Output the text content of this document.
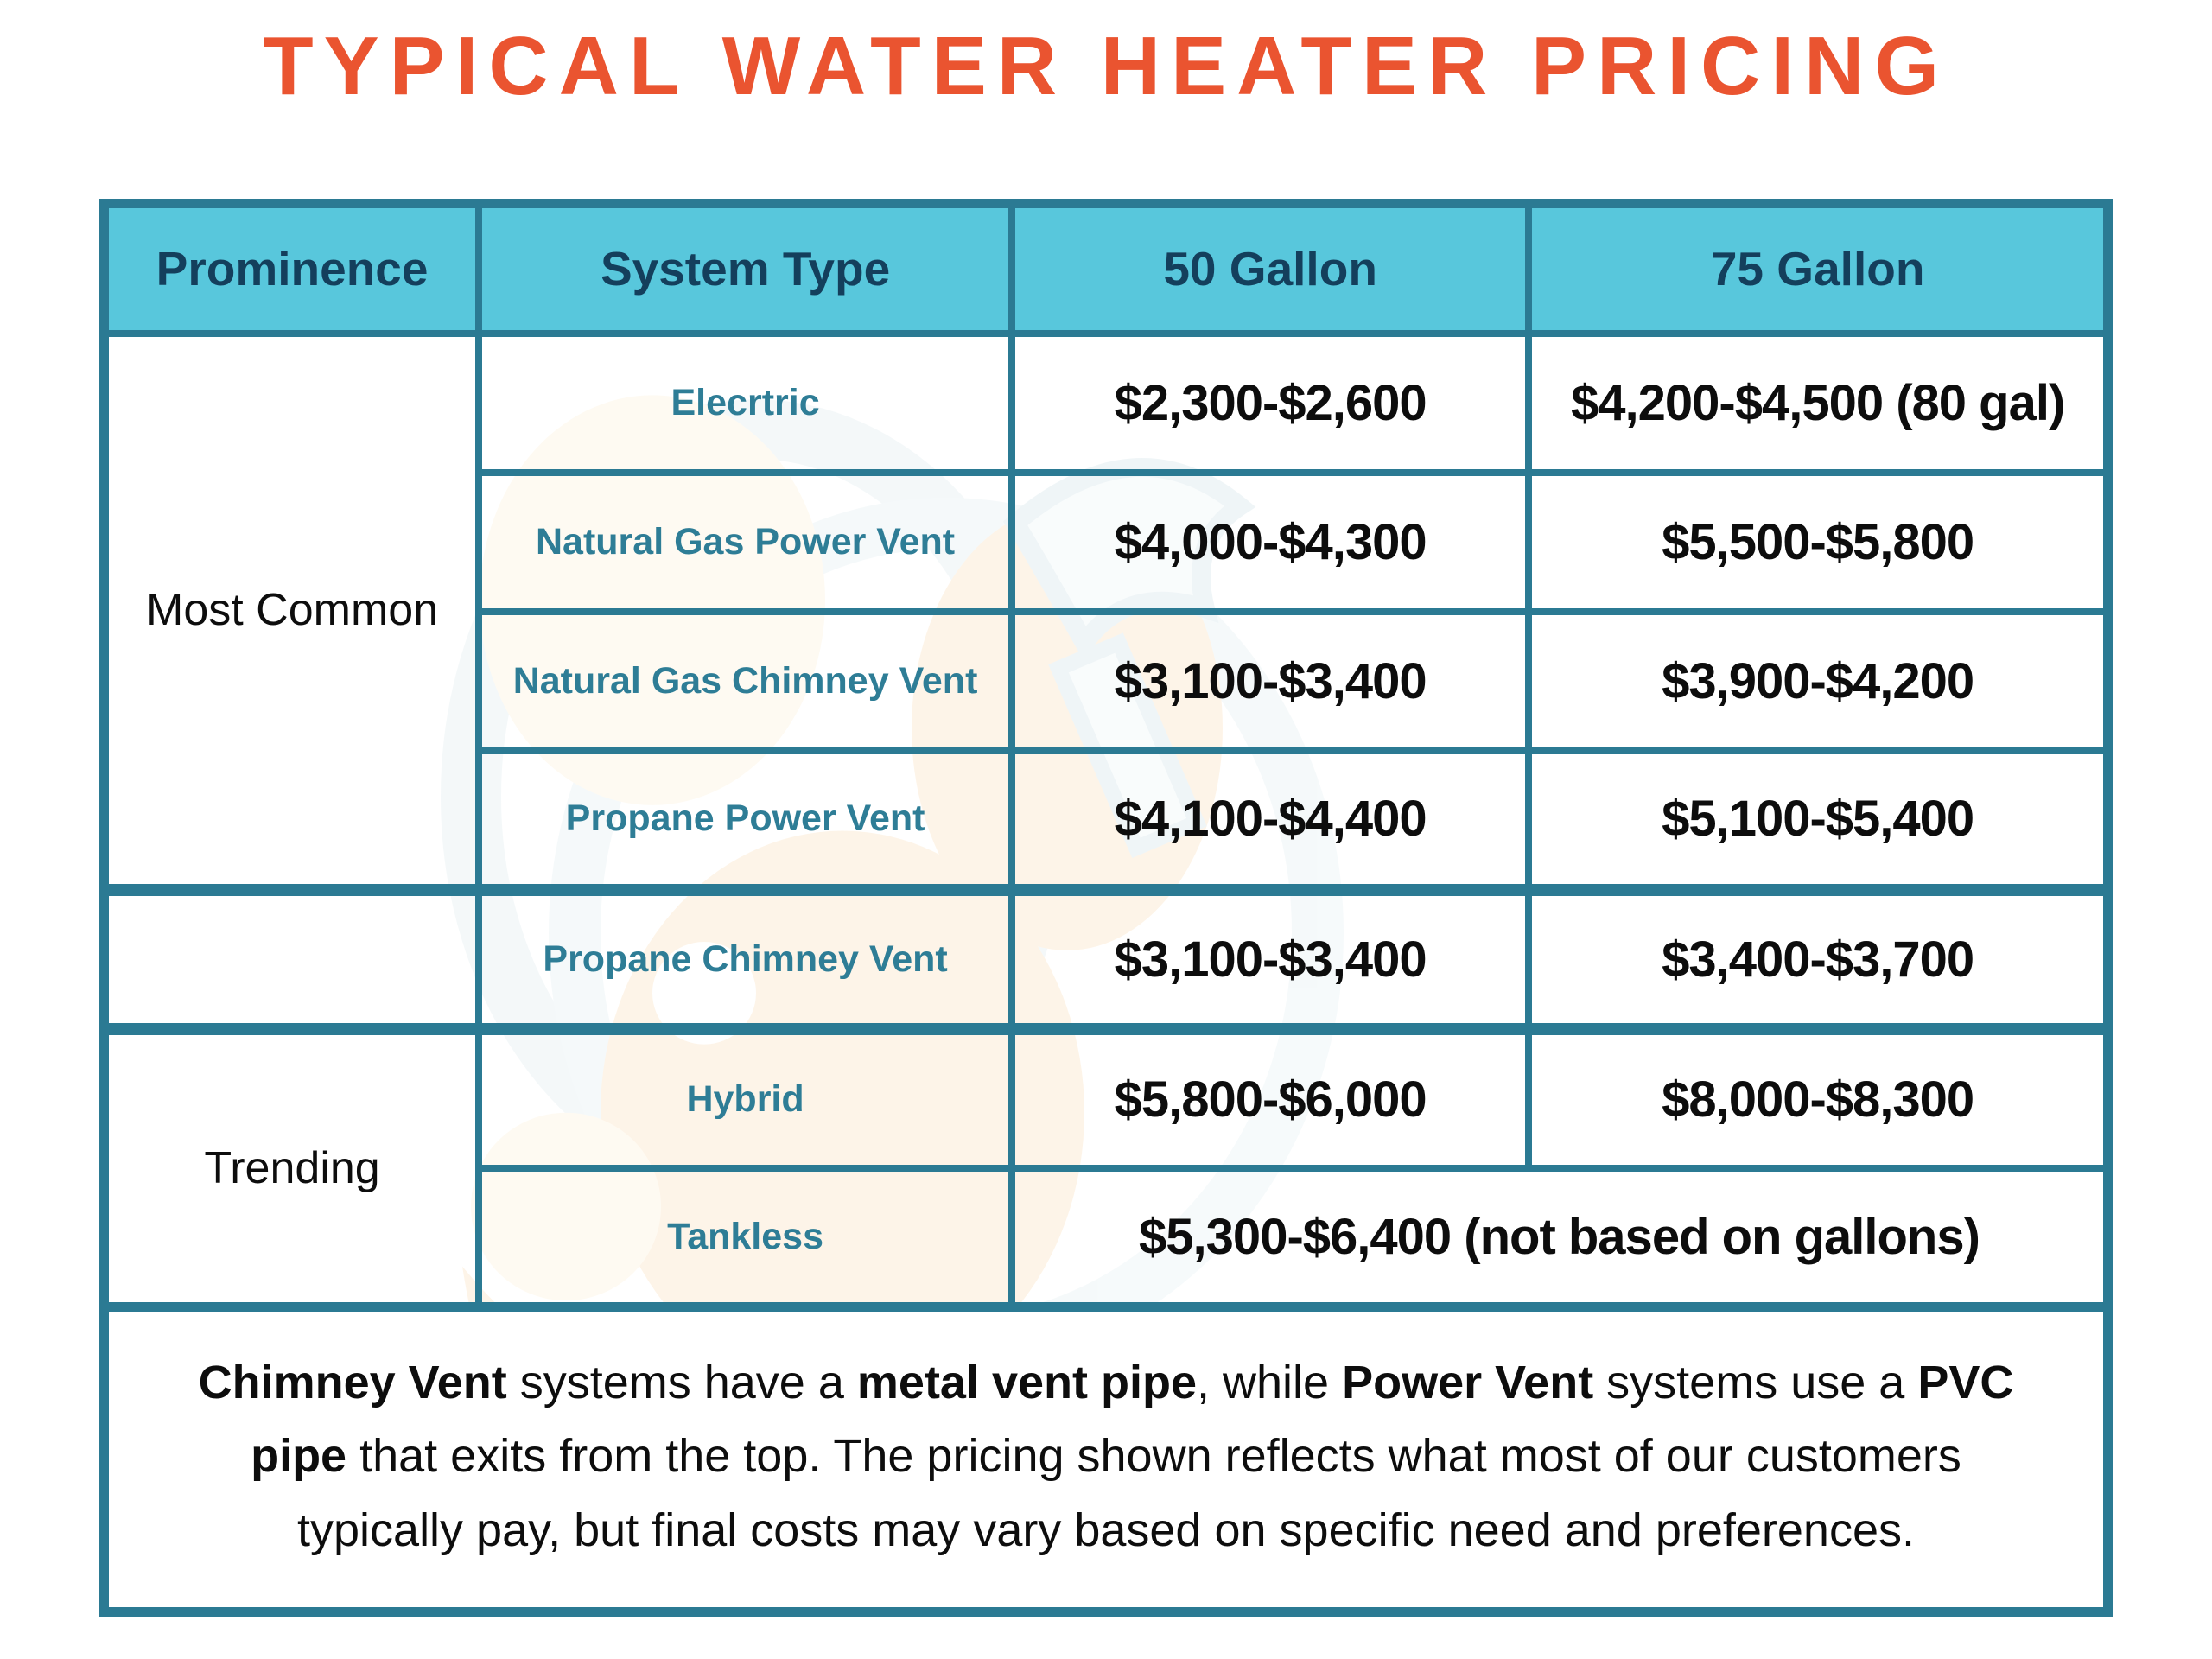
TYPICAL WATER HEATER PRICING
Prominence	System Type	50 Gallon	75 Gallon
Most Common	Elecrtric	$2,300-$2,600	$4,200-$4,500 (80 gal)
	Natural Gas Power Vent	$4,000-$4,300	$5,500-$5,800
	Natural Gas Chimney Vent	$3,100-$3,400	$3,900-$4,200
	Propane Power Vent	$4,100-$4,400	$5,100-$5,400
	Propane Chimney Vent	$3,100-$3,400	$3,400-$3,700
Trending	Hybrid	$5,800-$6,000	$8,000-$8,300
	Tankless	$5,300-$6,400 (not based on gallons)	

Chimney Vent systems have a metal vent pipe, while Power Vent systems use a PVC pipe that exits from the top. The pricing shown reflects what most of our customers typically pay, but final costs may vary based on specific need and preferences.
